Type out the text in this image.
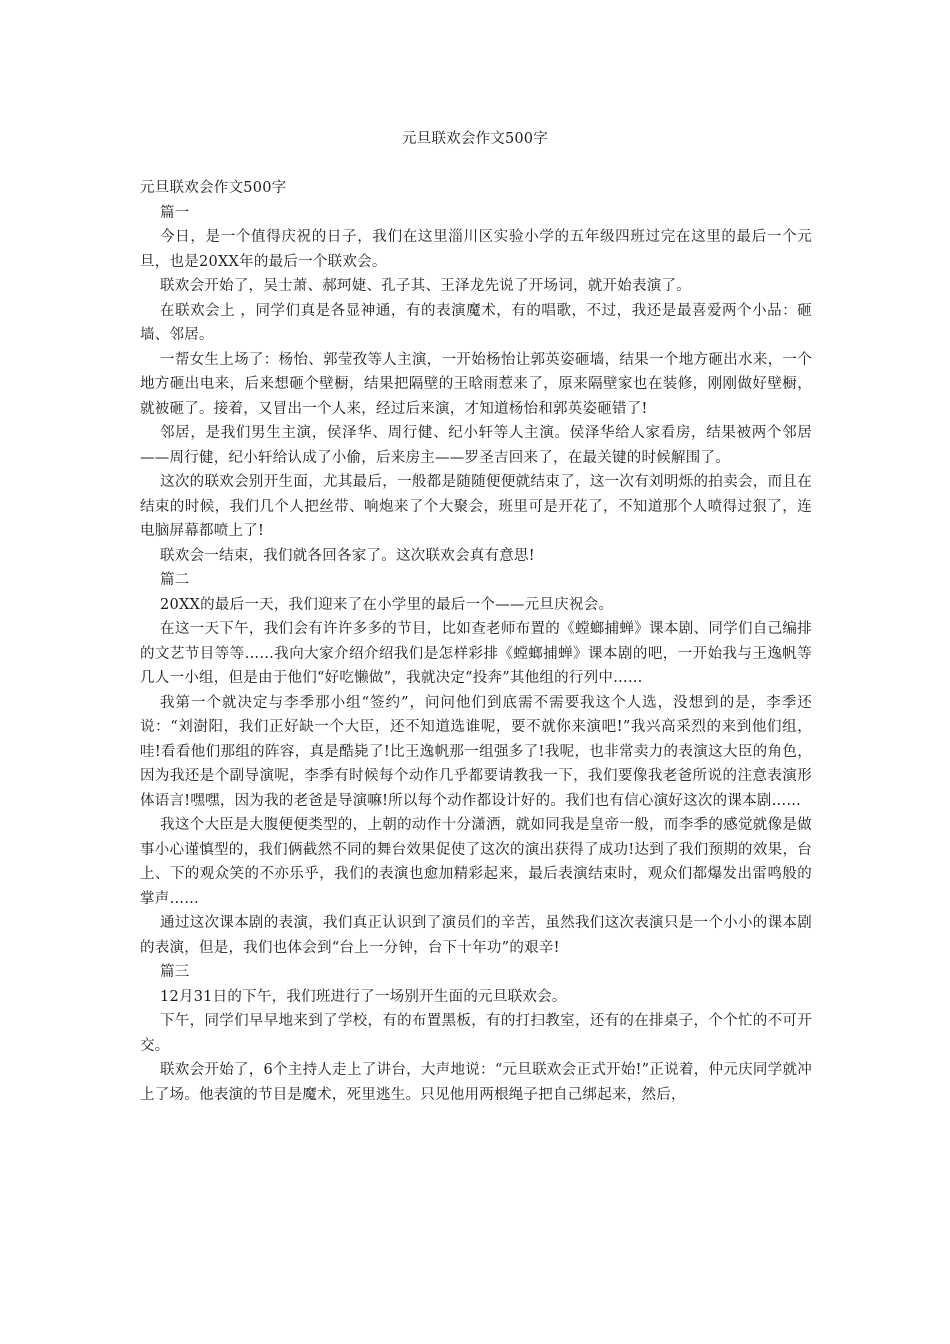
元旦联欢会作文500字

元旦联欢会作文500字

篇一

今日，是一个值得庆祝的日子，我们在这里淄川区实验小学的五年级四班过完在这里的最后一个元旦，也是20XX年的最后一个联欢会。

联欢会开始了，吴士萧、郝珂婕、孔子其、王泽龙先说了开场词，就开始表演了。

在联欢会上 ，同学们真是各显神通，有的表演魔术，有的唱歌，不过，我还是最喜爱两个小品：砸墙、邻居。

一帮女生上场了：杨怡、郭莹孜等人主演，一开始杨怡让郭英姿砸墙，结果一个地方砸出水来，一个地方砸出电来，后来想砸个壁橱，结果把隔壁的王晗雨惹来了，原来隔壁家也在装修，刚刚做好壁橱，就被砸了。接着，又冒出一个人来，经过后来演，才知道杨怡和郭英姿砸错了!

邻居，是我们男生主演，侯泽华、周行健、纪小轩等人主演。侯泽华给人家看房，结果被两个邻居——周行健，纪小轩给认成了小偷，后来房主——罗圣吉回来了，在最关键的时候解围了。

这次的联欢会别开生面，尤其最后，一般都是随随便便就结束了，这一次有刘明烁的拍卖会，而且在结束的时候，我们几个人把丝带、响炮来了个大聚会，班里可是开花了，不知道那个人喷得过狠了，连电脑屏幕都喷上了!

联欢会一结束，我们就各回各家了。这次联欢会真有意思!

篇二

20XX的最后一天，我们迎来了在小学里的最后一个——元旦庆祝会。

在这一天下午，我们会有许许多多的节目，比如查老师布置的《螳螂捕蝉》课本剧、同学们自己编排的文艺节目等等……我向大家介绍介绍我们是怎样彩排《螳螂捕蝉》课本剧的吧，一开始我与王逸帆等几人一小组，但是由于他们“好吃懒做”，我就决定“投奔”其他组的行列中……

我第一个就决定与李季那小组“签约”，问问他们到底需不需要我这个人选，没想到的是，李季还说：“刘澍阳，我们正好缺一个大臣，还不知道选谁呢，要不就你来演吧!”我兴高采烈的来到他们组，哇!看看他们那组的阵容，真是酷毙了!比王逸帆那一组强多了!我呢，也非常卖力的表演这大臣的角色，因为我还是个副导演呢，李季有时候每个动作几乎都要请教我一下，我们要像我老爸所说的注意表演形体语言!嘿嘿，因为我的老爸是导演嘛!所以每个动作都设计好的。我们也有信心演好这次的课本剧……

我这个大臣是大腹便便类型的，上朝的动作十分潇洒，就如同我是皇帝一般，而李季的感觉就像是做事小心谨慎型的，我们俩截然不同的舞台效果促使了这次的演出获得了成功!达到了我们预期的效果，台上、下的观众笑的不亦乐乎，我们的表演也愈加精彩起来，最后表演结束时，观众们都爆发出雷鸣般的掌声……

通过这次课本剧的表演，我们真正认识到了演员们的辛苦，虽然我们这次表演只是一个小小的课本剧的表演，但是，我们也体会到“台上一分钟，台下十年功”的艰辛!

篇三

12月31日的下午，我们班进行了一场别开生面的元旦联欢会。

下午，同学们早早地来到了学校，有的布置黑板，有的打扫教室，还有的在排桌子，个个忙的不可开交。

联欢会开始了，6个主持人走上了讲台，大声地说：“元旦联欢会正式开始!”正说着，仲元庆同学就冲上了场。他表演的节目是魔术，死里逃生。只见他用两根绳子把自己绑起来，然后，
